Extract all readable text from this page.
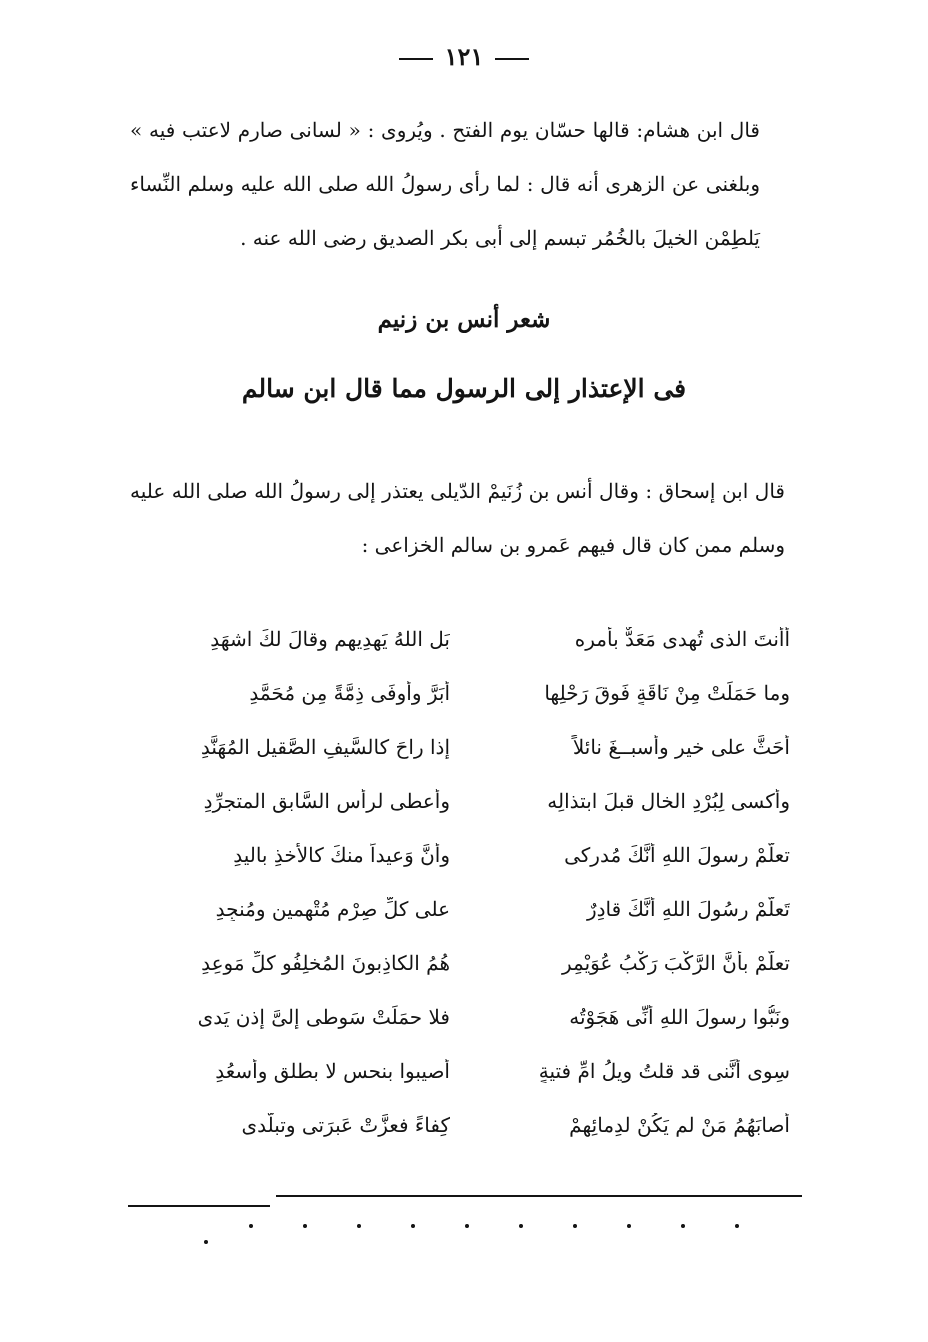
١٢١
قال ابن هشام: قالها حسّان يوم الفتح . ويُروى : « لسانى صارم لاعتب فيه » وبلغنى عن الزهرى أنه قال : لما رأى رسولُ الله صلى الله عليه وسلم النِّساء يَلطِمْن الخيلَ بالخُمُر تبسم إلى أبى بكر الصديق رضى الله عنه .
شعر أنس بن زنيم
فى الإعتذار إلى الرسول مما قال ابن سالم
قال ابن إسحاق : وقال أنس بن زُنَيمْ الدّيلى يعتذر إلى رسولُ الله صلى الله عليه وسلم ممن كان قال فيهم عَمرو بن سالم الخزاعى :
أأنتَ الذى تُهدى مَعَدٌّ بأمرِه
بَل اللهُ يَهدِيهِم وقالَ لكَ اشهَدِ
وما حَمَلَتْ مِنْ نَاقَةٍ فَوقَ رَحْلِها
أَبَرَّ وأَوفَى ذِمَّةً مِن مُحَمَّدِ
أَحَثَّ على خيرٍ وأسبــغَ نائلاً
إذا راحَ كالسَّيفِ الصَّقيلِ المُهَنَّدِ
وأكسى لِبُرْدِ الخالِ قبلَ ابتذالِه
وأعطى لرأسِ السَّابقِ المتجرِّدِ
تعلَّمْ رسولَ اللهِ أنَّكَ مُدرِكى
وأنَّ وَعيداً منكَ كالأخذِ باليدِ
تَعلَّمْ رسُولَ اللهِ أنَّكَ قادِرٌ
على كلِّ صِرْمٍ مُتْهِمين ومُنجِدِ
تعلَّمْ بأنَّ الرَّكْبَ رَكْبُ عُوَيْمِرٍ
هُمُ الكاذِبونَ المُخلِفُو كلِّ مَوعِدِ
ونَبُّوا رسولَ اللهِ أنِّى هَجَوْتُه
فلا حمَلَتْ سَوطى إلىَّ إذن يَدى
سِوى أنَّنى قد قلتُ ويلُ امِّ فتيةٍ
أُصيبوا بنحسٍ لا بطلقٍ وأسعُدِ
أصابَهُمُ مَنْ لم يَكُنْ لدِمائِهِمْ
كِفاءً فعزَّتْ عَبرَتى وتبلُّدى
